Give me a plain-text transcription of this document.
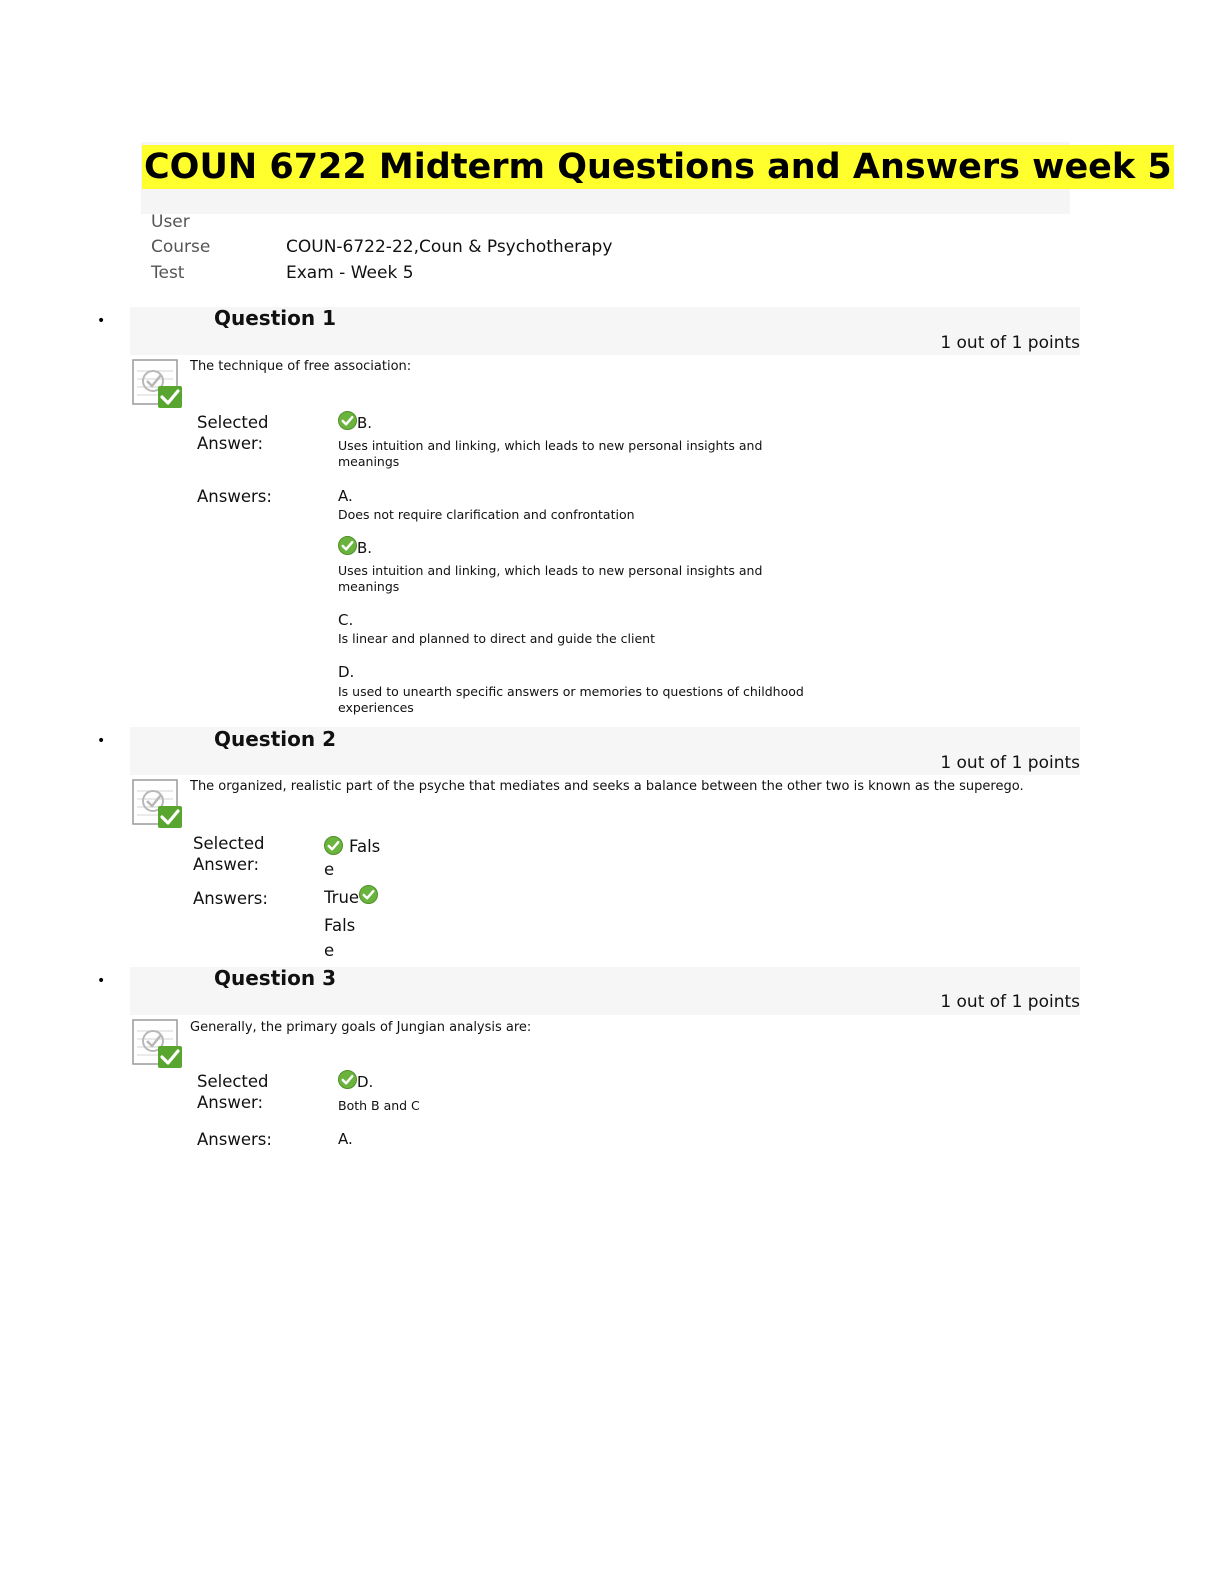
COUN 6722 Midterm Questions and Answers week 5
User
Course	COUN-6722-22,Coun & Psychotherapy
Test	Exam - Week 5
•	Question 1
1 out of 1 points
The technique of free association:
Selected
Answer:
B.
Uses intuition and linking, which leads to new personal insights and meanings
Answers:	A.
Does not require clarification and confrontation
B.
Uses intuition and linking, which leads to new personal insights and meanings
C.
Is linear and planned to direct and guide the client
D.
Is used to unearth specific answers or memories to questions of childhood experiences
•	Question 2
1 out of 1 points
The organized, realistic part of the psyche that mediates and seeks a balance between the other two is known as the superego.
Selected
Answer:
Fals
e
Answers:	True
Fals
e
•	Question 3
1 out of 1 points
Generally, the primary goals of Jungian analysis are:
Selected
Answer:
D.
Both B and C
Answers:	A.
